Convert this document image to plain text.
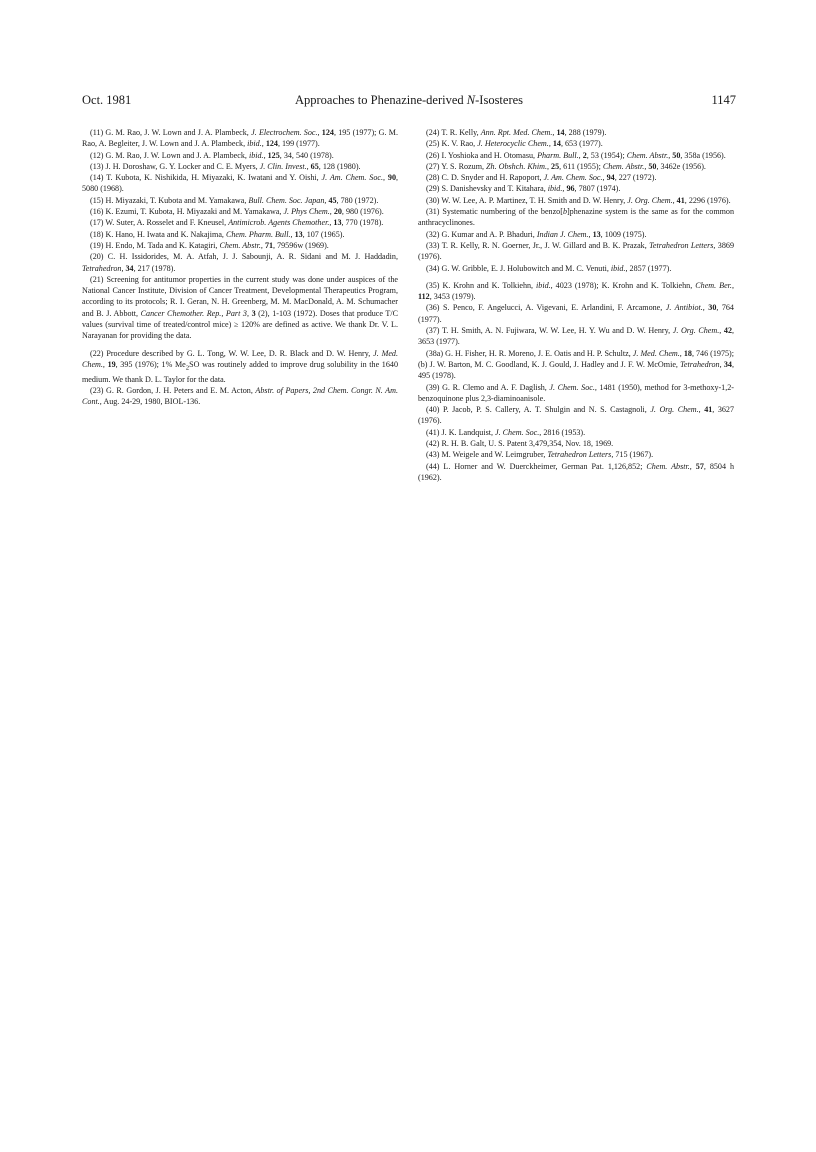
Oct. 1981	Approaches to Phenazine-derived N-Isosteres	1147

(11) G. M. Rao, J. W. Lown and J. A. Plambeck, J. Electrochem. Soc., 124, 195 (1977); G. M. Rao, A. Begleiter, J. W. Lown and J. A. Plambeck, ibid., 124, 199 (1977).

(12) G. M. Rao, J. W. Lown and J. A. Plambeck, ibid., 125, 34, 540 (1978).

(13) J. H. Doroshaw, G. Y. Locker and C. E. Myers, J. Clin. Invest., 65, 128 (1980).

(14) T. Kubota, K. Nishikida, H. Miyazaki, K. Iwatani and Y. Oishi, J. Am. Chem. Soc., 90, 5080 (1968).

(15) H. Miyazaki, T. Kubota and M. Yamakawa, Bull. Chem. Soc. Japan, 45, 780 (1972).

(16) K. Ezumi, T. Kubota, H. Miyazaki and M. Yamakawa, J. Phys Chem., 20, 980 (1976).

(17) W. Suter, A. Rosselet and F. Kneusel, Antimicrob. Agents Chemother., 13, 770 (1978).

(18) K. Hano, H. Iwata and K. Nakajima, Chem. Pharm. Bull., 13, 107 (1965).

(19) H. Endo, M. Tada and K. Katagiri, Chem. Abstr., 71, 79596w (1969).

(20) C. H. Issidorides, M. A. Atfah, J. J. Sabounji, A. R. Sidani and M. J. Haddadin, Tetrahedron, 34, 217 (1978).

(21) Screening for antitumor properties in the current study was done under auspices of the National Cancer Institute, Division of Cancer Treatment, Developmental Therapeutics Program, according to its protocols; R. I. Geran, N. H. Greenberg, M. M. MacDonald, A. M. Schumacher and B. J. Abbott, Cancer Chemother. Rep., Part 3, 3 (2), 1-103 (1972). Doses that produce T/C values (survival time of treated/control mice) ≥ 120% are defined as active. We thank Dr. V. L. Narayanan for providing the data.

(22) Procedure described by G. L. Tong, W. W. Lee, D. R. Black and D. W. Henry, J. Med. Chem., 19, 395 (1976); 1% $Me_2SO$ was routinely added to improve drug solubility in the 1640 medium. We thank D. L. Taylor for the data.

(23) G. R. Gordon, J. H. Peters and E. M. Acton, Abstr. of Papers, 2nd Chem. Congr. N. Am. Cont., Aug. 24-29, 1980, BIOL-136.

(24) T. R. Kelly, Ann. Rpt. Med. Chem., 14, 288 (1979).

(25) K. V. Rao, J. Heterocyclic Chem., 14, 653 (1977).

(26) I. Yoshioka and H. Otomasu, Pharm. Bull., 2, 53 (1954); Chem. Abstr., 50, 358a (1956).

(27) Y. S. Rozum, Zh. Obshch. Khim., 25, 611 (1955); Chem. Abstr., 50, 3462e (1956).

(28) C. D. Snyder and H. Rapoport, J. Am. Chem. Soc., 94, 227 (1972).

(29) S. Danishevsky and T. Kitahara, ibid., 96, 7807 (1974).

(30) W. W. Lee, A. P. Martinez, T. H. Smith and D. W. Henry, J. Org. Chem., 41, 2296 (1976).

(31) Systematic numbering of the benzo[b]phenazine system is the same as for the common anthracyclinones.

(32) G. Kumar and A. P. Bhaduri, Indian J. Chem., 13, 1009 (1975).

(33) T. R. Kelly, R. N. Goerner, Jr., J. W. Gillard and B. K. Prazak, Tetrahedron Letters, 3869 (1976).

(34) G. W. Gribble, E. J. Holubowitch and M. C. Venuti, ibid., 2857 (1977).

(35) K. Krohn and K. Tolkiehn, ibid., 4023 (1978); K. Krohn and K. Tolkiehn, Chem. Ber., 112, 3453 (1979).

(36) S. Penco, F. Angelucci, A. Vigevani, E. Arlandini, F. Arcamone, J. Antibiot., 30, 764 (1977).

(37) T. H. Smith, A. N. Fujiwara, W. W. Lee, H. Y. Wu and D. W. Henry, J. Org. Chem., 42, 3653 (1977).

(38a) G. H. Fisher, H. R. Moreno, J. E. Oatis and H. P. Schultz, J. Med. Chem., 18, 746 (1975); (b) J. W. Barton, M. C. Goodland, K. J. Gould, J. Hadley and J. F. W. McOmie, Tetrahedron, 34, 495 (1978).

(39) G. R. Clemo and A. F. Daglish, J. Chem. Soc., 1481 (1950), method for 3-methoxy-1,2-benzoquinone plus 2,3-diaminoanisole.

(40) P. Jacob, P. S. Callery, A. T. Shulgin and N. S. Castagnoli, J. Org. Chem., 41, 3627 (1976).

(41) J. K. Landquist, J. Chem. Soc., 2816 (1953).

(42) R. H. B. Galt, U. S. Patent 3,479,354, Nov. 18, 1969.

(43) M. Weigele and W. Leimgruber, Tetrahedron Letters, 715 (1967).

(44) L. Horner and W. Duerckheimer, German Pat. 1,126,852; Chem. Abstr., 57, 8504 h (1962).
